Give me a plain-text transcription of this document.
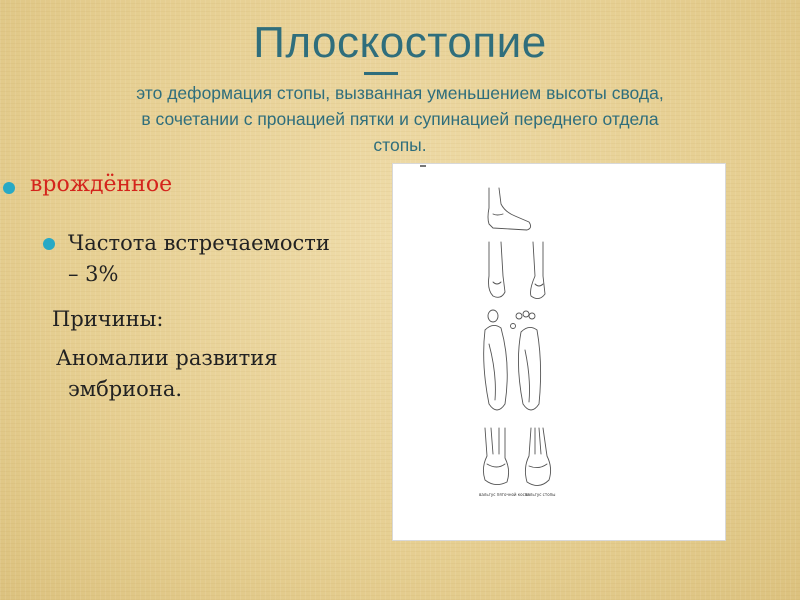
Плоскостопие
это деформация стопы, вызванная уменьшением высоты свода,
в сочетании с пронацией пятки и супинацией переднего отдела
стопы.
врождённое
Частота встречаемости
– 3%
Причины:
Аномалии развития
эмбриона.
вальгус пяточной кости
вальгус стопы
